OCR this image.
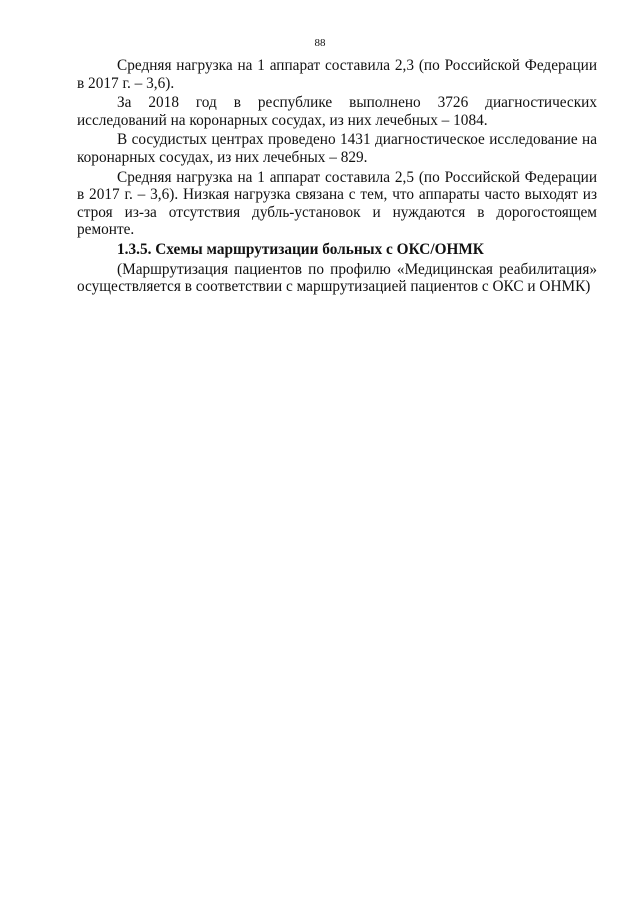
88

Средняя нагрузка на 1 аппарат составила 2,3 (по Российской Федерации в 2017 г. – 3,6).

За 2018 год в республике выполнено 3726 диагностических исследований на коронарных сосудах, из них лечебных – 1084.

В сосудистых центрах проведено 1431 диагностическое исследование на коронарных сосудах, из них лечебных – 829.

Средняя нагрузка на 1 аппарат составила 2,5 (по Российской Федерации в 2017 г. – 3,6). Низкая нагрузка связана с тем, что аппараты часто выходят из строя из-за отсутствия дубль-установок и нуждаются в дорогостоящем ремонте.

1.3.5. Схемы маршрутизации больных с ОКС/ОНМК

(Маршрутизация пациентов по профилю «Медицинская реабилитация» осуществляется в соответствии с маршрутизацией пациентов с ОКС и ОНМК)
